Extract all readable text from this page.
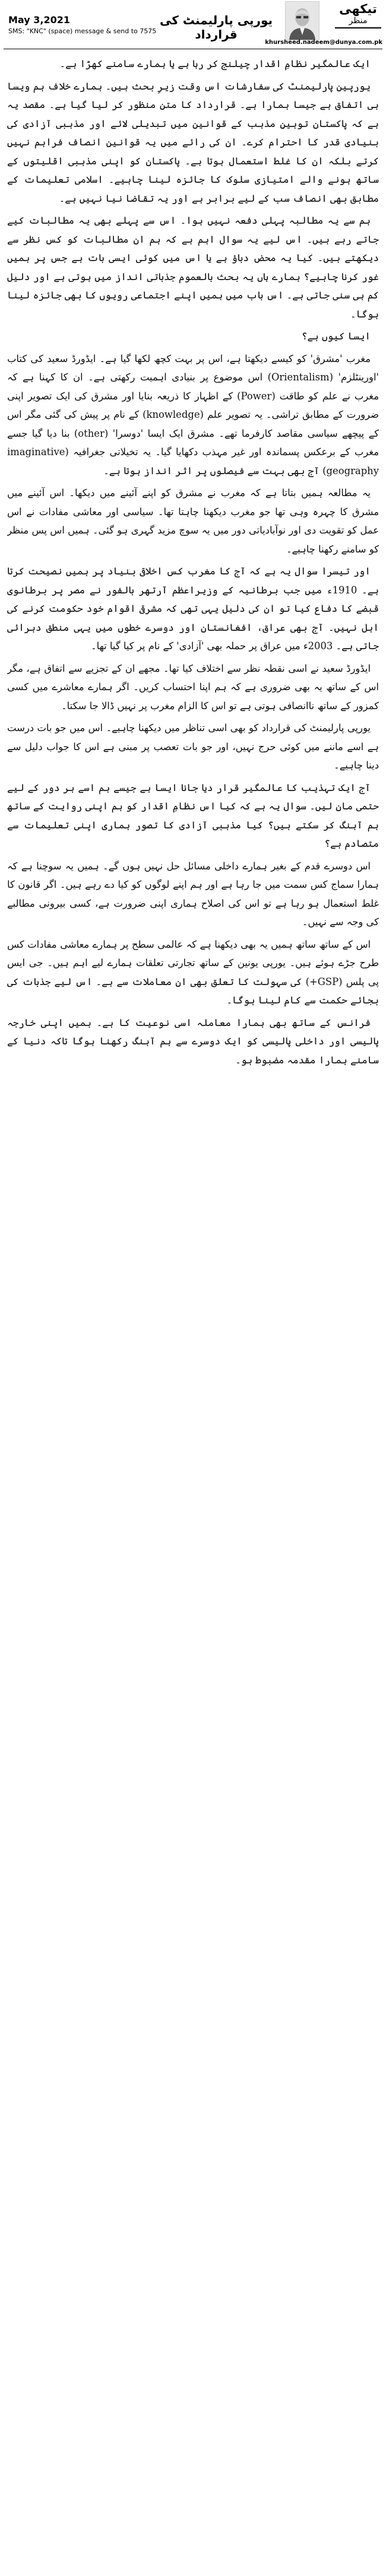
تیکھی
منظر
یورپی پارلیمنٹ کی قرارداد
May 3,2021
SMS: "KNC" (space) message & send to 7575
khursheed.nadeem@dunya.com.pk

ایک عالمگیر نظامِ اقدار چیلنج کر رہا ہے یا ہمارے سامنے کھڑا ہے۔

یورپین پارلیمنٹ کی سفارشات اس وقت زیرِ بحث ہیں۔ ہمارے خلاف ہم ویسا ہی اتفاق ہے جیسا ہمارا ہے۔ قرارداد کا متن منظور کر لیا گیا ہے۔ مقصد یہ ہے کہ پاکستان توہینِ مذہب کے قوانین میں تبدیلی لائے اور مذہبی آزادی کی بنیادی قدر کا احترام کرے۔ ان کی رائے میں یہ قوانین انصاف فراہم نہیں کرتے بلکہ ان کا غلط استعمال ہوتا ہے۔ پاکستان کو اپنی مذہبی اقلیتوں کے ساتھ ہونے والے امتیازی سلوک کا جائزہ لینا چاہیے۔ اسلامی تعلیمات کے مطابق بھی انصاف سب کے لیے برابر ہے اور یہ تقاضا نیا نہیں ہے۔

ہم سے یہ مطالبہ پہلی دفعہ نہیں ہوا۔ اس سے پہلے بھی یہ مطالبات کیے جاتے رہے ہیں۔ اس لیے یہ سوال اہم ہے کہ ہم ان مطالبات کو کس نظر سے دیکھتے ہیں۔ کیا یہ محض دباؤ ہے یا اس میں کوئی ایسی بات ہے جس پر ہمیں غور کرنا چاہیے؟ ہمارے ہاں یہ بحث بالعموم جذباتی انداز میں ہوتی ہے اور دلیل کم ہی سنی جاتی ہے۔ اس باب میں ہمیں اپنے اجتماعی رویوں کا بھی جائزہ لینا ہوگا۔

ایسا کیوں ہے؟

مغرب 'مشرق' کو کیسے دیکھتا ہے، اس پر بہت کچھ لکھا گیا ہے۔ ایڈورڈ سعید کی کتاب 'اورینٹلزم' (Orientalism) اس موضوع پر بنیادی اہمیت رکھتی ہے۔ ان کا کہنا ہے کہ مغرب نے علم کو طاقت (Power) کے اظہار کا ذریعہ بنایا اور مشرق کی ایک تصویر اپنی ضرورت کے مطابق تراشی۔ یہ تصویر علم (knowledge) کے نام پر پیش کی گئی مگر اس کے پیچھے سیاسی مقاصد کارفرما تھے۔ مشرق ایک ایسا 'دوسرا' (other) بنا دیا گیا جسے مغرب کے برعکس پسماندہ اور غیر مہذب دکھایا گیا۔ یہ تخیلاتی جغرافیہ (imaginative geography) آج بھی بہت سے فیصلوں پر اثر انداز ہوتا ہے۔

یہ مطالعہ ہمیں بتاتا ہے کہ مغرب نے مشرق کو اپنے آئینے میں دیکھا۔ اس آئینے میں مشرق کا چہرہ وہی تھا جو مغرب دیکھنا چاہتا تھا۔ سیاسی اور معاشی مفادات نے اس عمل کو تقویت دی اور نوآبادیاتی دور میں یہ سوچ مزید گہری ہو گئی۔ ہمیں اس پس منظر کو سامنے رکھنا چاہیے۔

اور تیسرا سوال یہ ہے کہ آج کا مغرب کس اخلاقی بنیاد پر ہمیں نصیحت کرتا ہے۔ 1910ء میں جب برطانیہ کے وزیراعظم آرتھر بالفور نے مصر پر برطانوی قبضے کا دفاع کیا تو ان کی دلیل یہی تھی کہ مشرقی اقوام خود حکومت کرنے کی اہل نہیں۔ آج بھی عراق، افغانستان اور دوسرے خطوں میں یہی منطق دہرائی جاتی ہے۔ 2003ء میں عراق پر حملہ بھی 'آزادی' کے نام پر کیا گیا تھا۔

ایڈورڈ سعید نے اسی نقطہ نظر سے اختلاف کیا تھا۔ مجھے ان کے تجزیے سے اتفاق ہے، مگر اس کے ساتھ یہ بھی ضروری ہے کہ ہم اپنا احتساب کریں۔ اگر ہمارے معاشرے میں کسی کمزور کے ساتھ ناانصافی ہوتی ہے تو اس کا الزام مغرب پر نہیں ڈالا جا سکتا۔

یورپی پارلیمنٹ کی قرارداد کو بھی اسی تناظر میں دیکھنا چاہیے۔ اس میں جو بات درست ہے اسے ماننے میں کوئی حرج نہیں، اور جو بات تعصب پر مبنی ہے اس کا جواب دلیل سے دینا چاہیے۔

آج ایک تہذیب کا عالمگیر قرار دیا جانا ایسا ہے جیسے ہم اسے ہر دور کے لیے حتمی مان لیں۔ سوال یہ ہے کہ کیا اس نظامِ اقدار کو ہم اپنی روایت کے ساتھ ہم آہنگ کر سکتے ہیں؟ کیا مذہبی آزادی کا تصور ہماری اپنی تعلیمات سے متصادم ہے؟

اس دوسرے قدم کے بغیر ہمارے داخلی مسائل حل نہیں ہوں گے۔ ہمیں یہ سوچنا ہے کہ ہمارا سماج کس سمت میں جا رہا ہے اور ہم اپنے لوگوں کو کیا دے رہے ہیں۔ اگر قانون کا غلط استعمال ہو رہا ہے تو اس کی اصلاح ہماری اپنی ضرورت ہے، کسی بیرونی مطالبے کی وجہ سے نہیں۔

اس کے ساتھ ساتھ ہمیں یہ بھی دیکھنا ہے کہ عالمی سطح پر ہمارے معاشی مفادات کس طرح جڑے ہوئے ہیں۔ یورپی یونین کے ساتھ تجارتی تعلقات ہمارے لیے اہم ہیں۔ جی ایس پی پلس (GSP+) کی سہولت کا تعلق بھی ان معاملات سے ہے۔ اس لیے جذبات کی بجائے حکمت سے کام لینا ہوگا۔

فرانس کے ساتھ بھی ہمارا معاملہ اسی نوعیت کا ہے۔ ہمیں اپنی خارجہ پالیسی اور داخلی پالیسی کو ایک دوسرے سے ہم آہنگ رکھنا ہوگا تاکہ دنیا کے سامنے ہمارا مقدمہ مضبوط ہو۔
